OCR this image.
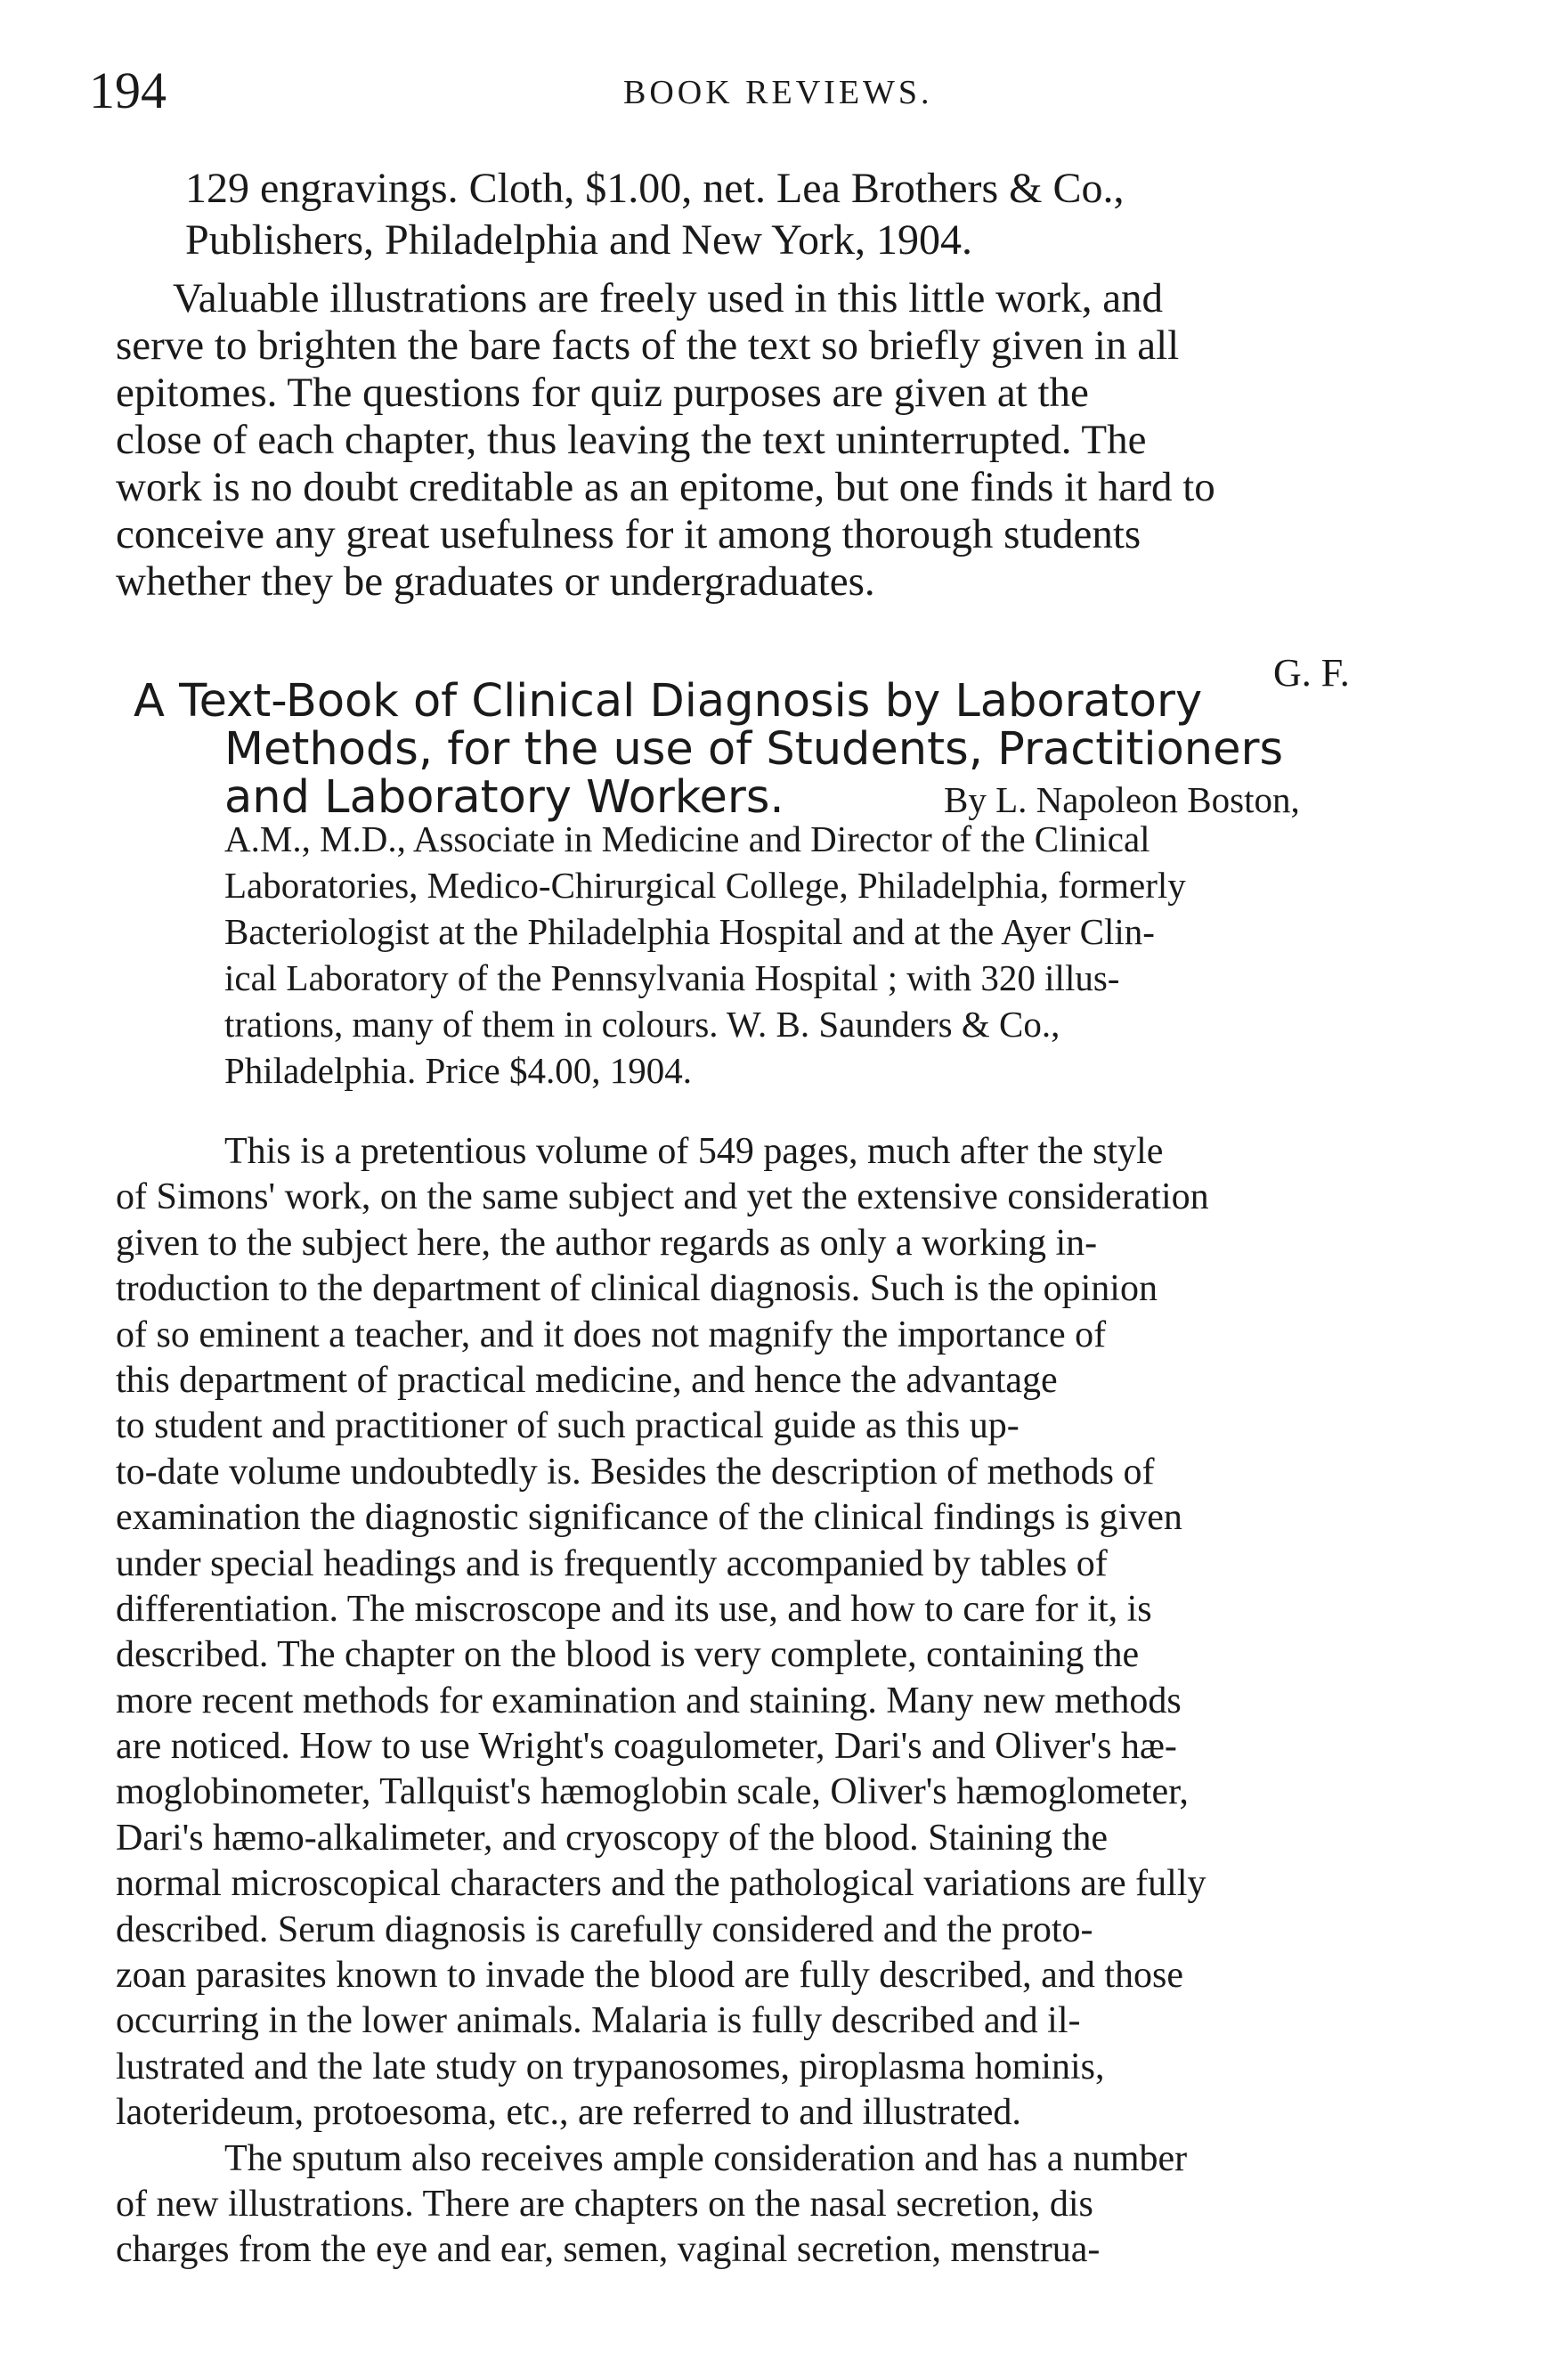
194	BOOK REVIEWS.
129 engravings. Cloth, $1.00, net. Lea Brothers & Co.,
Publishers, Philadelphia and New York, 1904.
Valuable illustrations are freely used in this little work, and
serve to brighten the bare facts of the text so briefly given in all
epitomes. The questions for quiz purposes are given at the
close of each chapter, thus leaving the text uninterrupted. The
work is no doubt creditable as an epitome, but one finds it hard to
conceive any great usefulness for it among thorough students
whether they be graduates or undergraduates.
G. F.
A Text-Book of Clinical Diagnosis by Laboratory
Methods, for the use of Students, Practitioners
and Laboratory Workers.	By L. Napoleon Boston,
A.M., M.D., Associate in Medicine and Director of the Clinical
Laboratories, Medico-Chirurgical College, Philadelphia, formerly
Bacteriologist at the Philadelphia Hospital and at the Ayer Clin-
ical Laboratory of the Pennsylvania Hospital ; with 320 illus-
trations, many of them in colours. W. B. Saunders & Co.,
Philadelphia. Price $4.00, 1904.
This is a pretentious volume of 549 pages, much after the style
of Simons' work, on the same subject and yet the extensive consideration
given to the subject here, the author regards as only a working in-
troduction to the department of clinical diagnosis. Such is the opinion
of so eminent a teacher, and it does not magnify the importance of
this department of practical medicine, and hence the advantage
to student and practitioner of such practical guide as this up-
to-date volume undoubtedly is. Besides the description of methods of
examination the diagnostic significance of the clinical findings is given
under special headings and is frequently accompanied by tables of
differentiation. The miscroscope and its use, and how to care for it, is
described. The chapter on the blood is very complete, containing the
more recent methods for examination and staining. Many new methods
are noticed. How to use Wright's coagulometer, Dari's and Oliver's hæ-
moglobinometer, Tallquist's hæmoglobin scale, Oliver's hæmoglometer,
Dari's hæmo-alkalimeter, and cryoscopy of the blood. Staining the
normal microscopical characters and the pathological variations are fully
described. Serum diagnosis is carefully considered and the proto-
zoan parasites known to invade the blood are fully described, and those
occurring in the lower animals. Malaria is fully described and il-
lustrated and the late study on trypanosomes, piroplasma hominis,
laoterideum, protoesoma, etc., are referred to and illustrated.
The sputum also receives ample consideration and has a number
of new illustrations. There are chapters on the nasal secretion, dis
charges from the eye and ear, semen, vaginal secretion, menstrua-
